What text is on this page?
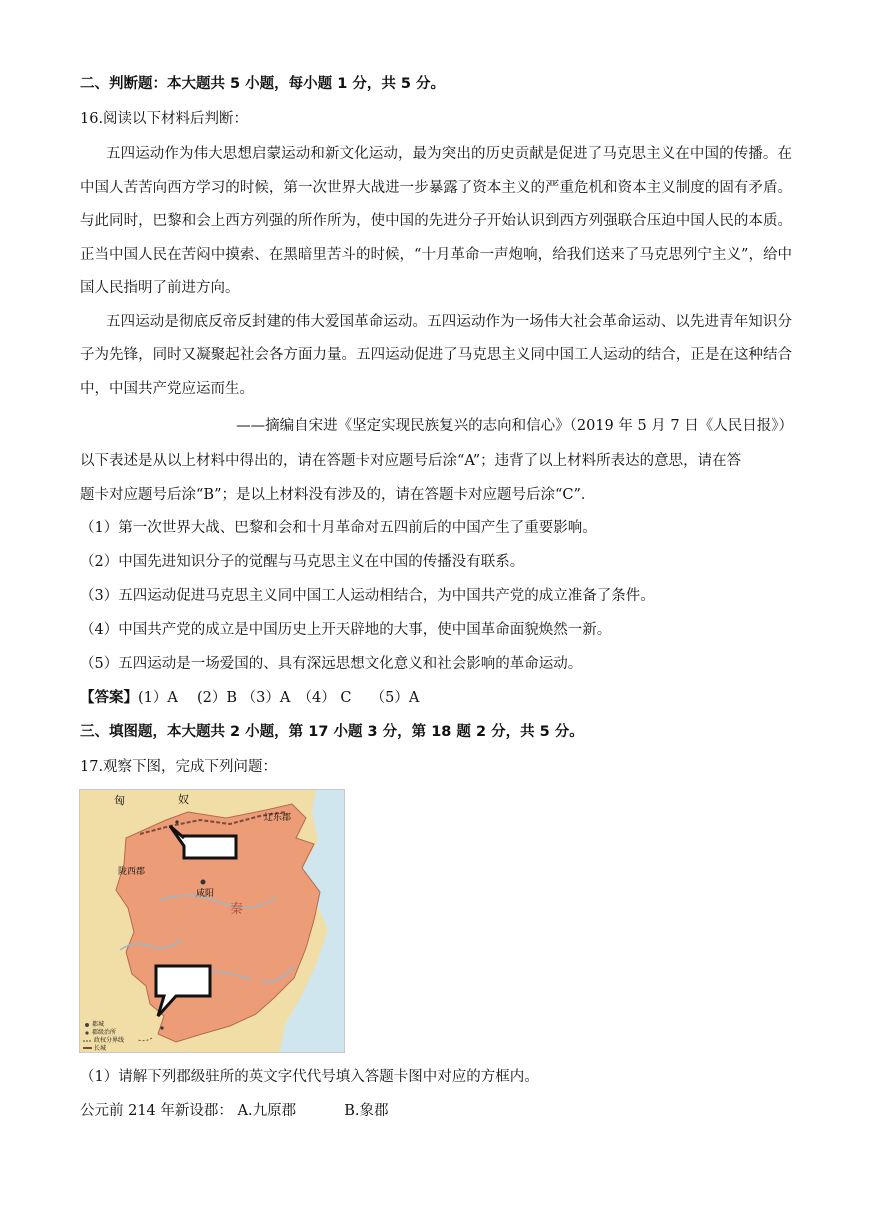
二、判断题：本大题共 5 小题，每小题 1 分，共 5 分。
16.阅读以下材料后判断：

五四运动作为伟大思想启蒙运动和新文化运动，最为突出的历史贡献是促进了马克思主义在中国的传播。在中国人苦苦向西方学习的时候，第一次世界大战进一步暴露了资本主义的严重危机和资本主义制度的固有矛盾。与此同时，巴黎和会上西方列强的所作所为，使中国的先进分子开始认识到西方列强联合压迫中国人民的本质。正当中国人民在苦闷中摸索、在黑暗里苦斗的时候，“十月革命一声炮响，给我们送来了马克思列宁主义”，给中国人民指明了前进方向。

五四运动是彻底反帝反封建的伟大爱国革命运动。五四运动作为一场伟大社会革命运动、以先进青年知识分子为先锋，同时又凝聚起社会各方面力量。五四运动促进了马克思主义同中国工人运动的结合，正是在这种结合中，中国共产党应运而生。

——摘编自宋进《坚定实现民族复兴的志向和信心》（2019 年 5 月 7 日《人民日报》）
以下表述是从以上材料中得出的，请在答题卡对应题号后涂“A”；违背了以上材料所表达的意思，请在答
题卡对应题号后涂“B”；是以上材料没有涉及的，请在答题卡对应题号后涂“C”．
（1）第一次世界大战、巴黎和会和十月革命对五四前后的中国产生了重要影响。
（2）中国先进知识分子的觉醒与马克思主义在中国的传播没有联系。
（3）五四运动促进马克思主义同中国工人运动相结合，为中国共产党的成立准备了条件。
（4）中国共产党的成立是中国历史上开天辟地的大事，使中国革命面貌焕然一新。
（5）五四运动是一场爱国的、具有深远思想文化意义和社会影响的革命运动。
【答案】(1）A　 (2）B （3）A　（4） C　 （5）A
三、填图题，本大题共 2 小题，第 17 小题 3 分，第 18 题 2 分，共 5 分。
17.观察下图，完成下列问题：
匈	奴
辽东郡
陇西郡
咸阳
秦
都城
郡级治所
政权分界线
长城
（1）请解下列郡级驻所的英文字代代号填入答题卡图中对应的方框内。
公元前 214 年新设郡： A.九原郡　　　 B.象郡
